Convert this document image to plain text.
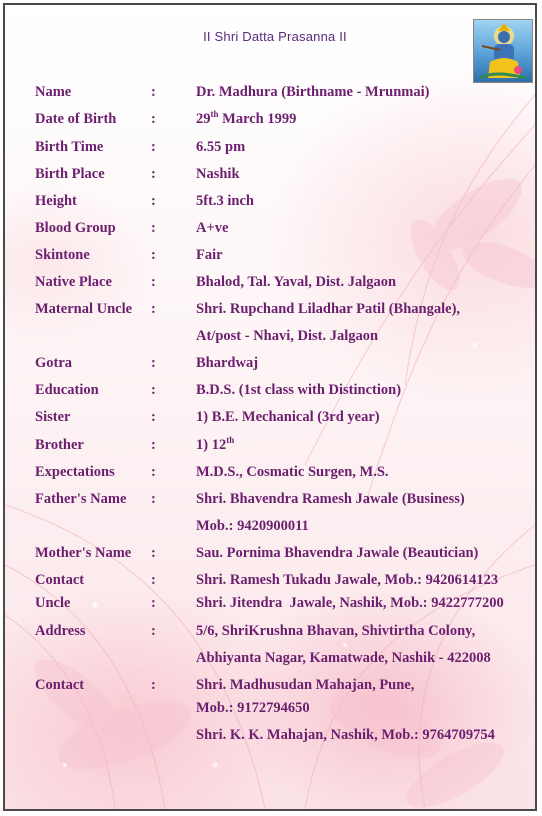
II Shri Datta Prasanna II
Name	:	Dr. Madhura (Birthname - Mrunmai)
Date of Birth :	29th March 1999
Birth Time	:	6.55 pm
Birth Place	:	Nashik
Height	:	5ft.3 inch
Blood Group :	A+ve
Skintone	:	Fair
Native Place	:	Bhalod, Tal. Yaval, Dist. Jalgaon
Maternal Uncle :	Shri. Rupchand Liladhar Patil (Bhangale),
At/post - Nhavi, Dist. Jalgaon
Gotra	:	Bhardwaj
Education	:	B.D.S. (1st class with Distinction)
Sister	:	1) B.E. Mechanical (3rd year)
Brother	:	1) 12th
Expectations	:	M.D.S., Cosmatic Surgen, M.S.
Father's Name :	Shri. Bhavendra Ramesh Jawale (Business)
Mob.: 9420900011
Mother's Name :	Sau. Pornima Bhavendra Jawale (Beautician)
Contact	:	Shri. Ramesh Tukadu Jawale, Mob.: 9420614123
Uncle	:	Shri. Jitendra  Jawale, Nashik, Mob.: 9422777200
Address	:	5/6, ShriKrushna Bhavan, Shivtirtha Colony,
Abhiyanta Nagar, Kamatwade, Nashik - 422008
Contact	:	Shri. Madhusudan Mahajan, Pune,
Mob.: 9172794650
Shri. K. K. Mahajan, Nashik, Mob.: 9764709754
